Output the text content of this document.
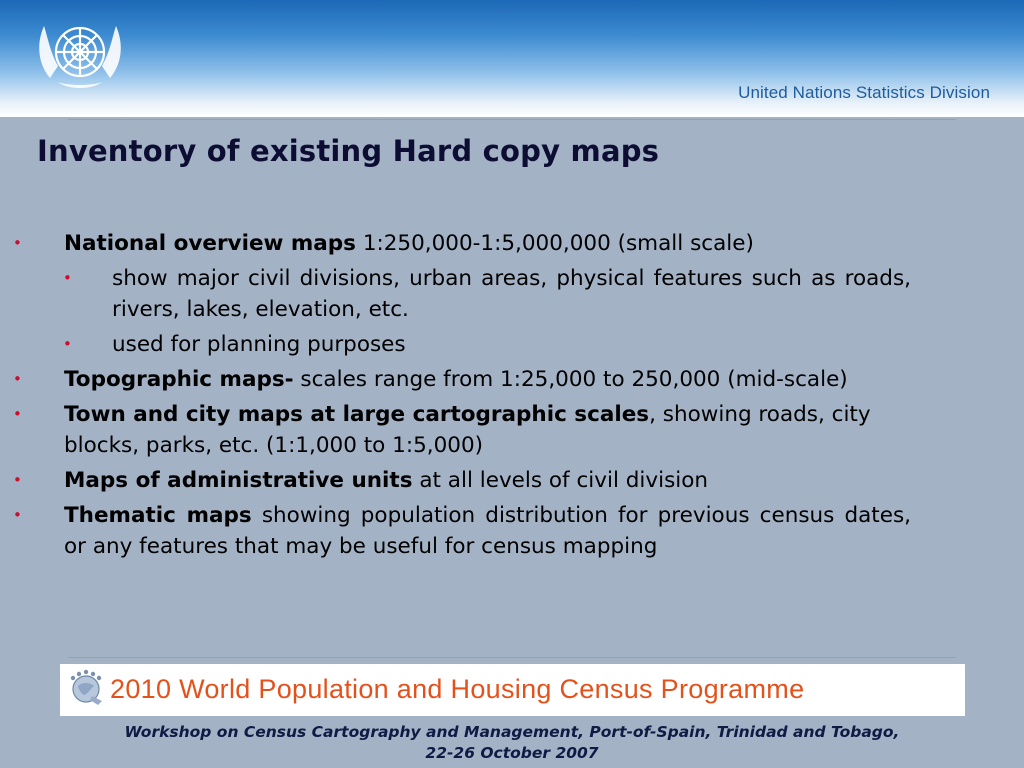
United Nations Statistics Division
Inventory of existing Hard copy maps
• National overview maps 1:250,000-1:5,000,000 (small scale)
• show major civil divisions, urban areas, physical features such as roads, rivers, lakes, elevation, etc.
• used for planning purposes
• Topographic maps- scales range from 1:25,000 to 250,000 (mid-scale)
• Town and city maps at large cartographic scales, showing roads, city blocks, parks, etc. (1:1,000 to 1:5,000)
• Maps of administrative units at all levels of civil division
• Thematic maps showing population distribution for previous census dates, or any features that may be useful for census mapping
2010 World Population and Housing Census Programme
Workshop on Census Cartography and Management, Port-of-Spain, Trinidad and Tobago,
22-26 October 2007
